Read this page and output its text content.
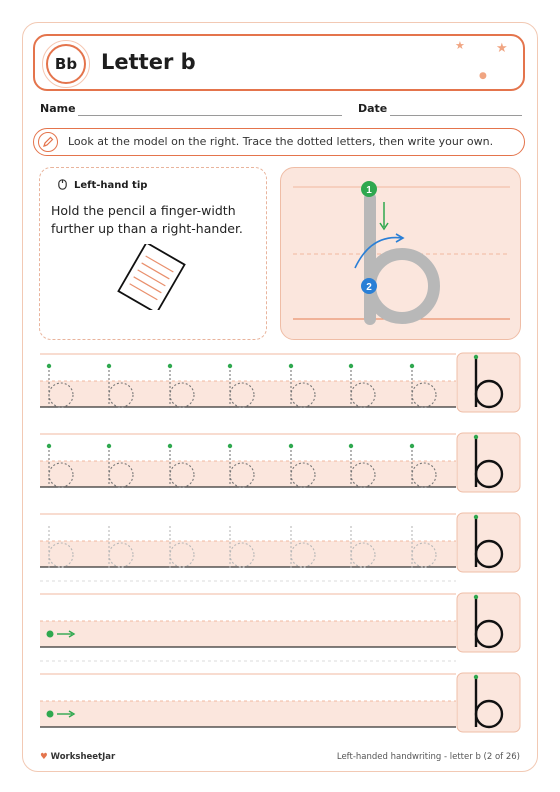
Bb	Letter b
★ ★
●
Name	Date
Look at the model on the right. Trace the dotted letters, then write your own.
Left-hand tip
Hold the pencil a finger-width further up than a right-hander.
1
2
♥ WorksheetJar	Left-handed handwriting - letter b (2 of 26)
